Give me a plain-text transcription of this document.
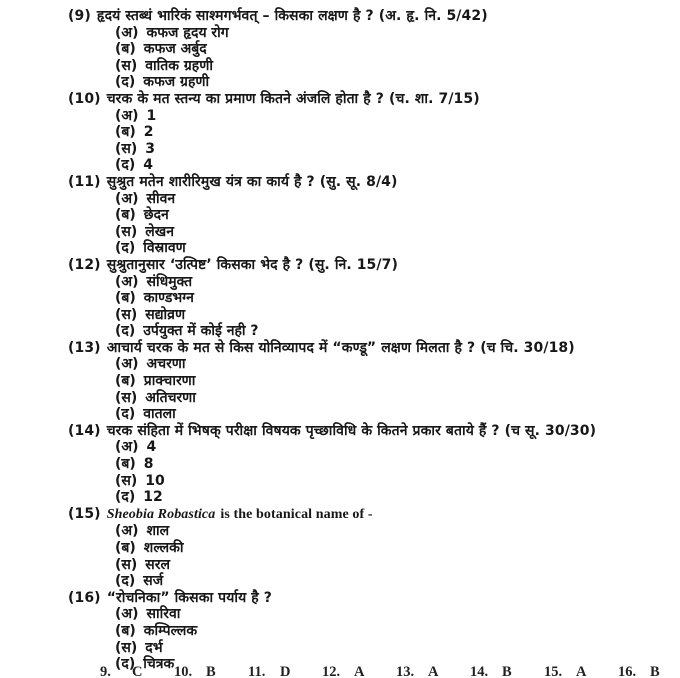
(9) हृदयं स्तब्धं भारिकं साश्मगर्भवत् – किसका लक्षण है ? (अ. हृ. नि. 5/42)
(अ) कफज हृदय रोग
(ब) कफज अर्बुद
(स) वातिक ग्रहणी
(द) कफज ग्रहणी
(10) चरक के मत स्तन्य का प्रमाण कितने अंजलि होता है ? (च. शा. 7/15)
(अ) 1
(ब) 2
(स) 3
(द) 4
(11) सुश्रुत मतेन शारीरिमुख यंत्र का कार्य है ? (सु. सू. 8/4)
(अ) सीवन
(ब) छेदन
(स) लेखन
(द) विस्रावण
(12) सुश्रुतानुसार ‘उत्पिष्ट’ किसका भेद है ? (सु. नि. 15/7)
(अ) संधिमुक्त
(ब) काण्डभग्न
(स) सद्योव्रण
(द) उर्पयुक्त में कोई नही ?
(13) आचार्य चरक के मत से किस योनिव्यापद में “कण्डू” लक्षण मिलता है ? (च चि. 30/18)
(अ) अचरणा
(ब) प्राक्चारणा
(स) अतिचरणा
(द) वातला
(14) चरक संहिता में भिषक् परीक्षा विषयक पृच्छाविधि के कितने प्रकार बताये हैं ? (च सू. 30/30)
(अ) 4
(ब) 8
(स) 10
(द) 12
(15) Sheobia Robastica is the botanical name of -
(अ) शाल
(ब) शल्लकी
(स) सरल
(द) सर्ज
(16) “रोचनिका” किसका पर्याय है ?
(अ) सारिवा
(ब) कम्पिल्लक
(स) दर्भ
(द) चित्रक
9.	C 10. B 11.	D 12. A 13. A 14. B 15. A 16. B
